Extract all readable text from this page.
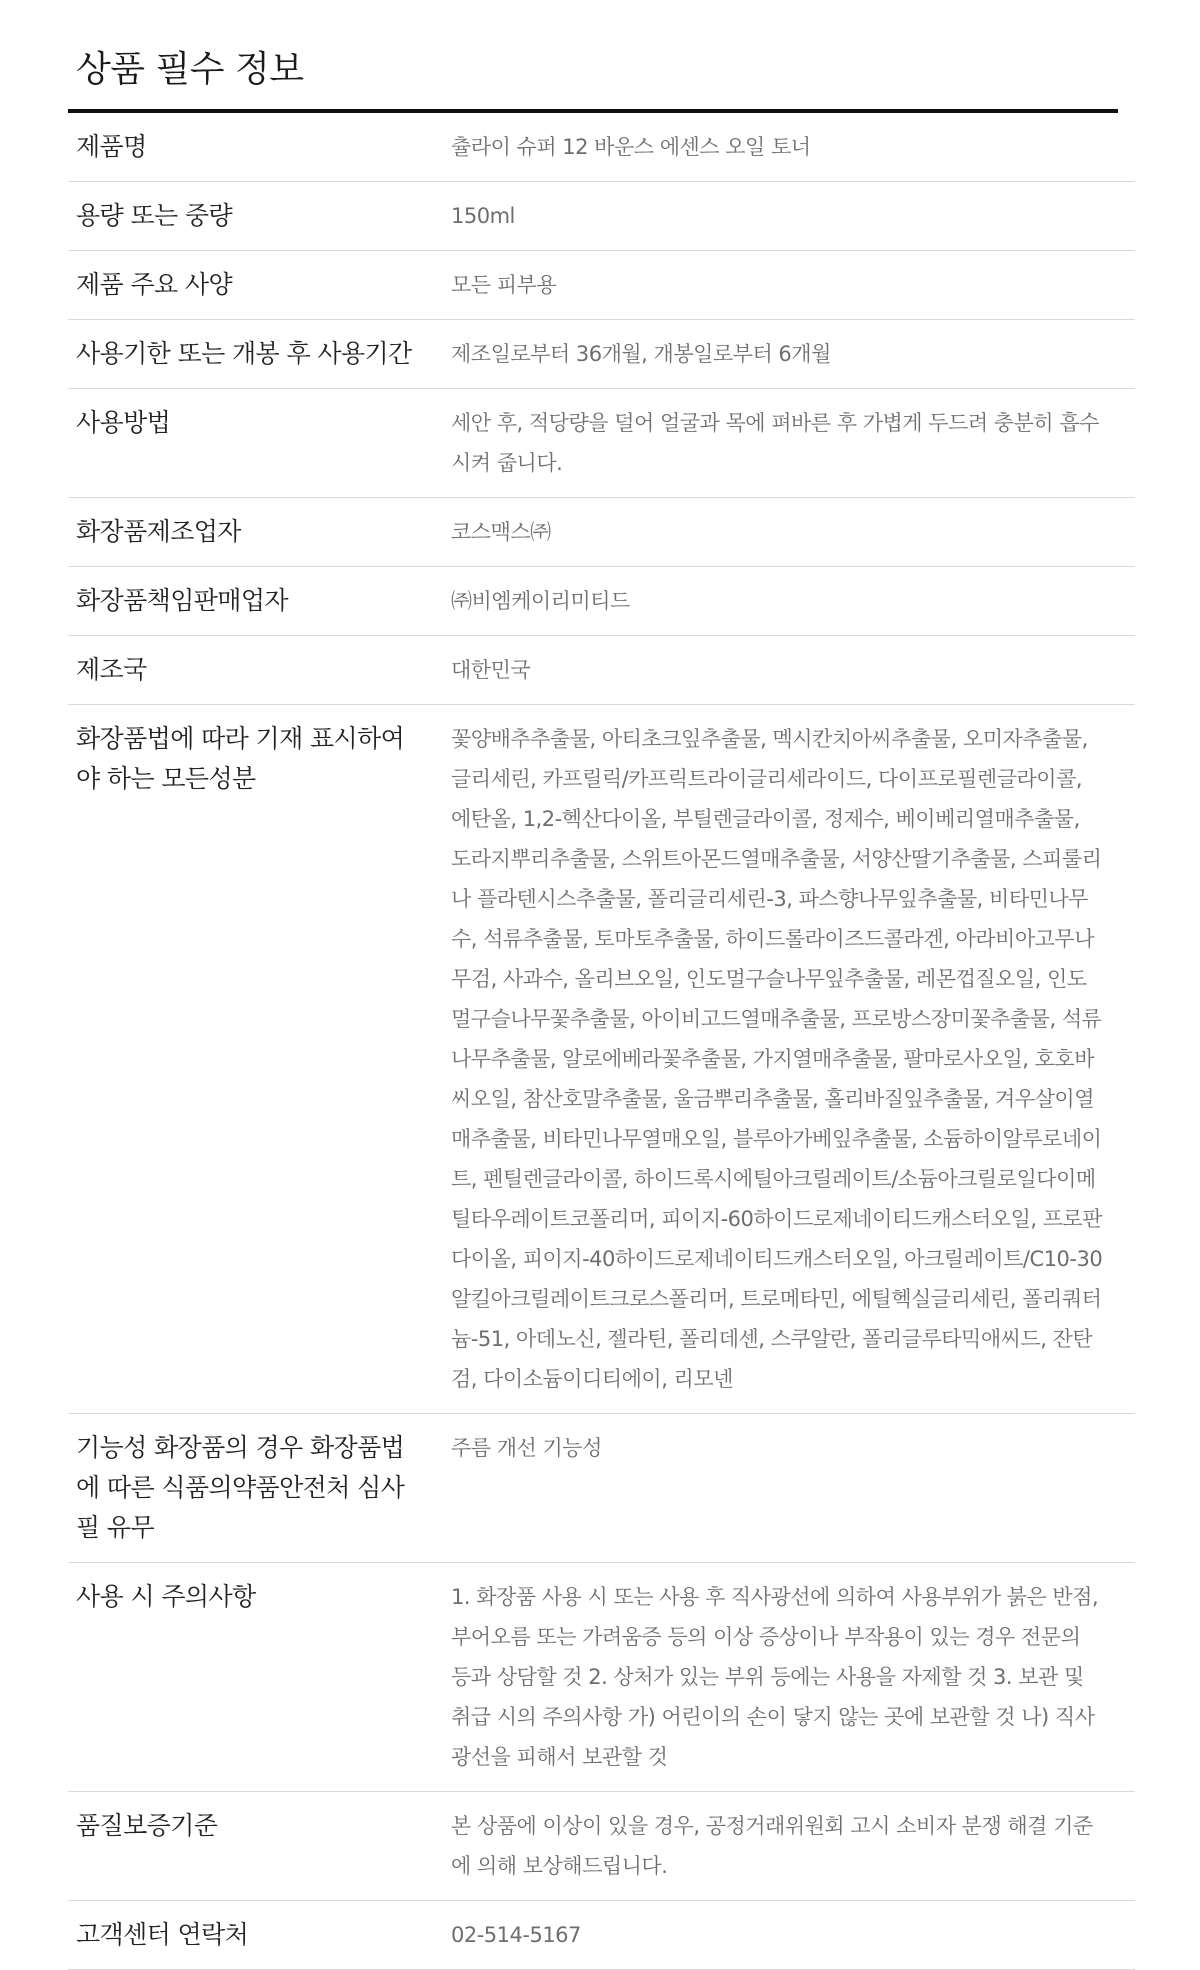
상품 필수 정보
제품명	츌라이 슈퍼 12 바운스 에센스 오일 토너

용량 또는 중량	150ml

제품 주요 사양	모든 피부용

사용기한 또는 개봉 후 사용기간	제조일로부터 36개월, 개봉일로부터 6개월

사용방법	세안 후, 적당량을 덜어 얼굴과 목에 펴바른 후 가볍게 두드려 충분히 흡수시켜 줍니다.

화장품제조업자	코스맥스㈜

화장품책임판매업자	㈜비엠케이리미티드

제조국	대한민국

화장품법에 따라 기재 표시하여야 하는 모든성분	꽃양배추추출물, 아티초크잎추출물, 멕시칸치아씨추출물, 오미자추출물, 글리세린, 카프릴릭/카프릭트라이글리세라이드, 다이프로필렌글라이콜, 에탄올, 1,2-헥산다이올, 부틸렌글라이콜, 정제수, 베이베리열매추출물, 도라지뿌리추출물, 스위트아몬드열매추출물, 서양산딸기추출물, 스피룰리나 플라텐시스추출물, 폴리글리세린-3, 파스향나무잎추출물, 비타민나무수, 석류추출물, 토마토추출물, 하이드롤라이즈드콜라겐, 아라비아고무나무검, 사과수, 올리브오일, 인도멀구슬나무잎추출물, 레몬껍질오일, 인도멀구슬나무꽃추출물, 아이비고드열매추출물, 프로방스장미꽃추출물, 석류나무추출물, 알로에베라꽃추출물, 가지열매추출물, 팔마로사오일, 호호바씨오일, 참산호말추출물, 울금뿌리추출물, 홀리바질잎추출물, 겨우살이열매추출물, 비타민나무열매오일, 블루아가베잎추출물, 소듐하이알루로네이트, 펜틸렌글라이콜, 하이드록시에틸아크릴레이트/소듐아크릴로일다이메틸타우레이트코폴리머, 피이지-60하이드로제네이티드캐스터오일, 프로판다이올, 피이지-40하이드로제네이티드캐스터오일, 아크릴레이트/C10-30알킬아크릴레이트크로스폴리머, 트로메타민, 에틸헥실글리세린, 폴리쿼터늄-51, 아데노신, 젤라틴, 폴리데센, 스쿠알란, 폴리글루타믹애씨드, 잔탄검, 다이소듐이디티에이, 리모넨

기능성 화장품의 경우 화장품법에 따른 식품의약품안전처 심사 필 유무	주름 개선 기능성

사용 시 주의사항	1. 화장품 사용 시 또는 사용 후 직사광선에 의하여 사용부위가 붉은 반점, 부어오름 또는 가려움증 등의 이상 증상이나 부작용이 있는 경우 전문의 등과 상담할 것 2. 상처가 있는 부위 등에는 사용을 자제할 것 3. 보관 및 취급 시의 주의사항 가) 어린이의 손이 닿지 않는 곳에 보관할 것 나) 직사광선을 피해서 보관할 것

품질보증기준	본 상품에 이상이 있을 경우, 공정거래위원회 고시 소비자 분쟁 해결 기준에 의해 보상해드립니다.

고객센터 연락처	02-514-5167
